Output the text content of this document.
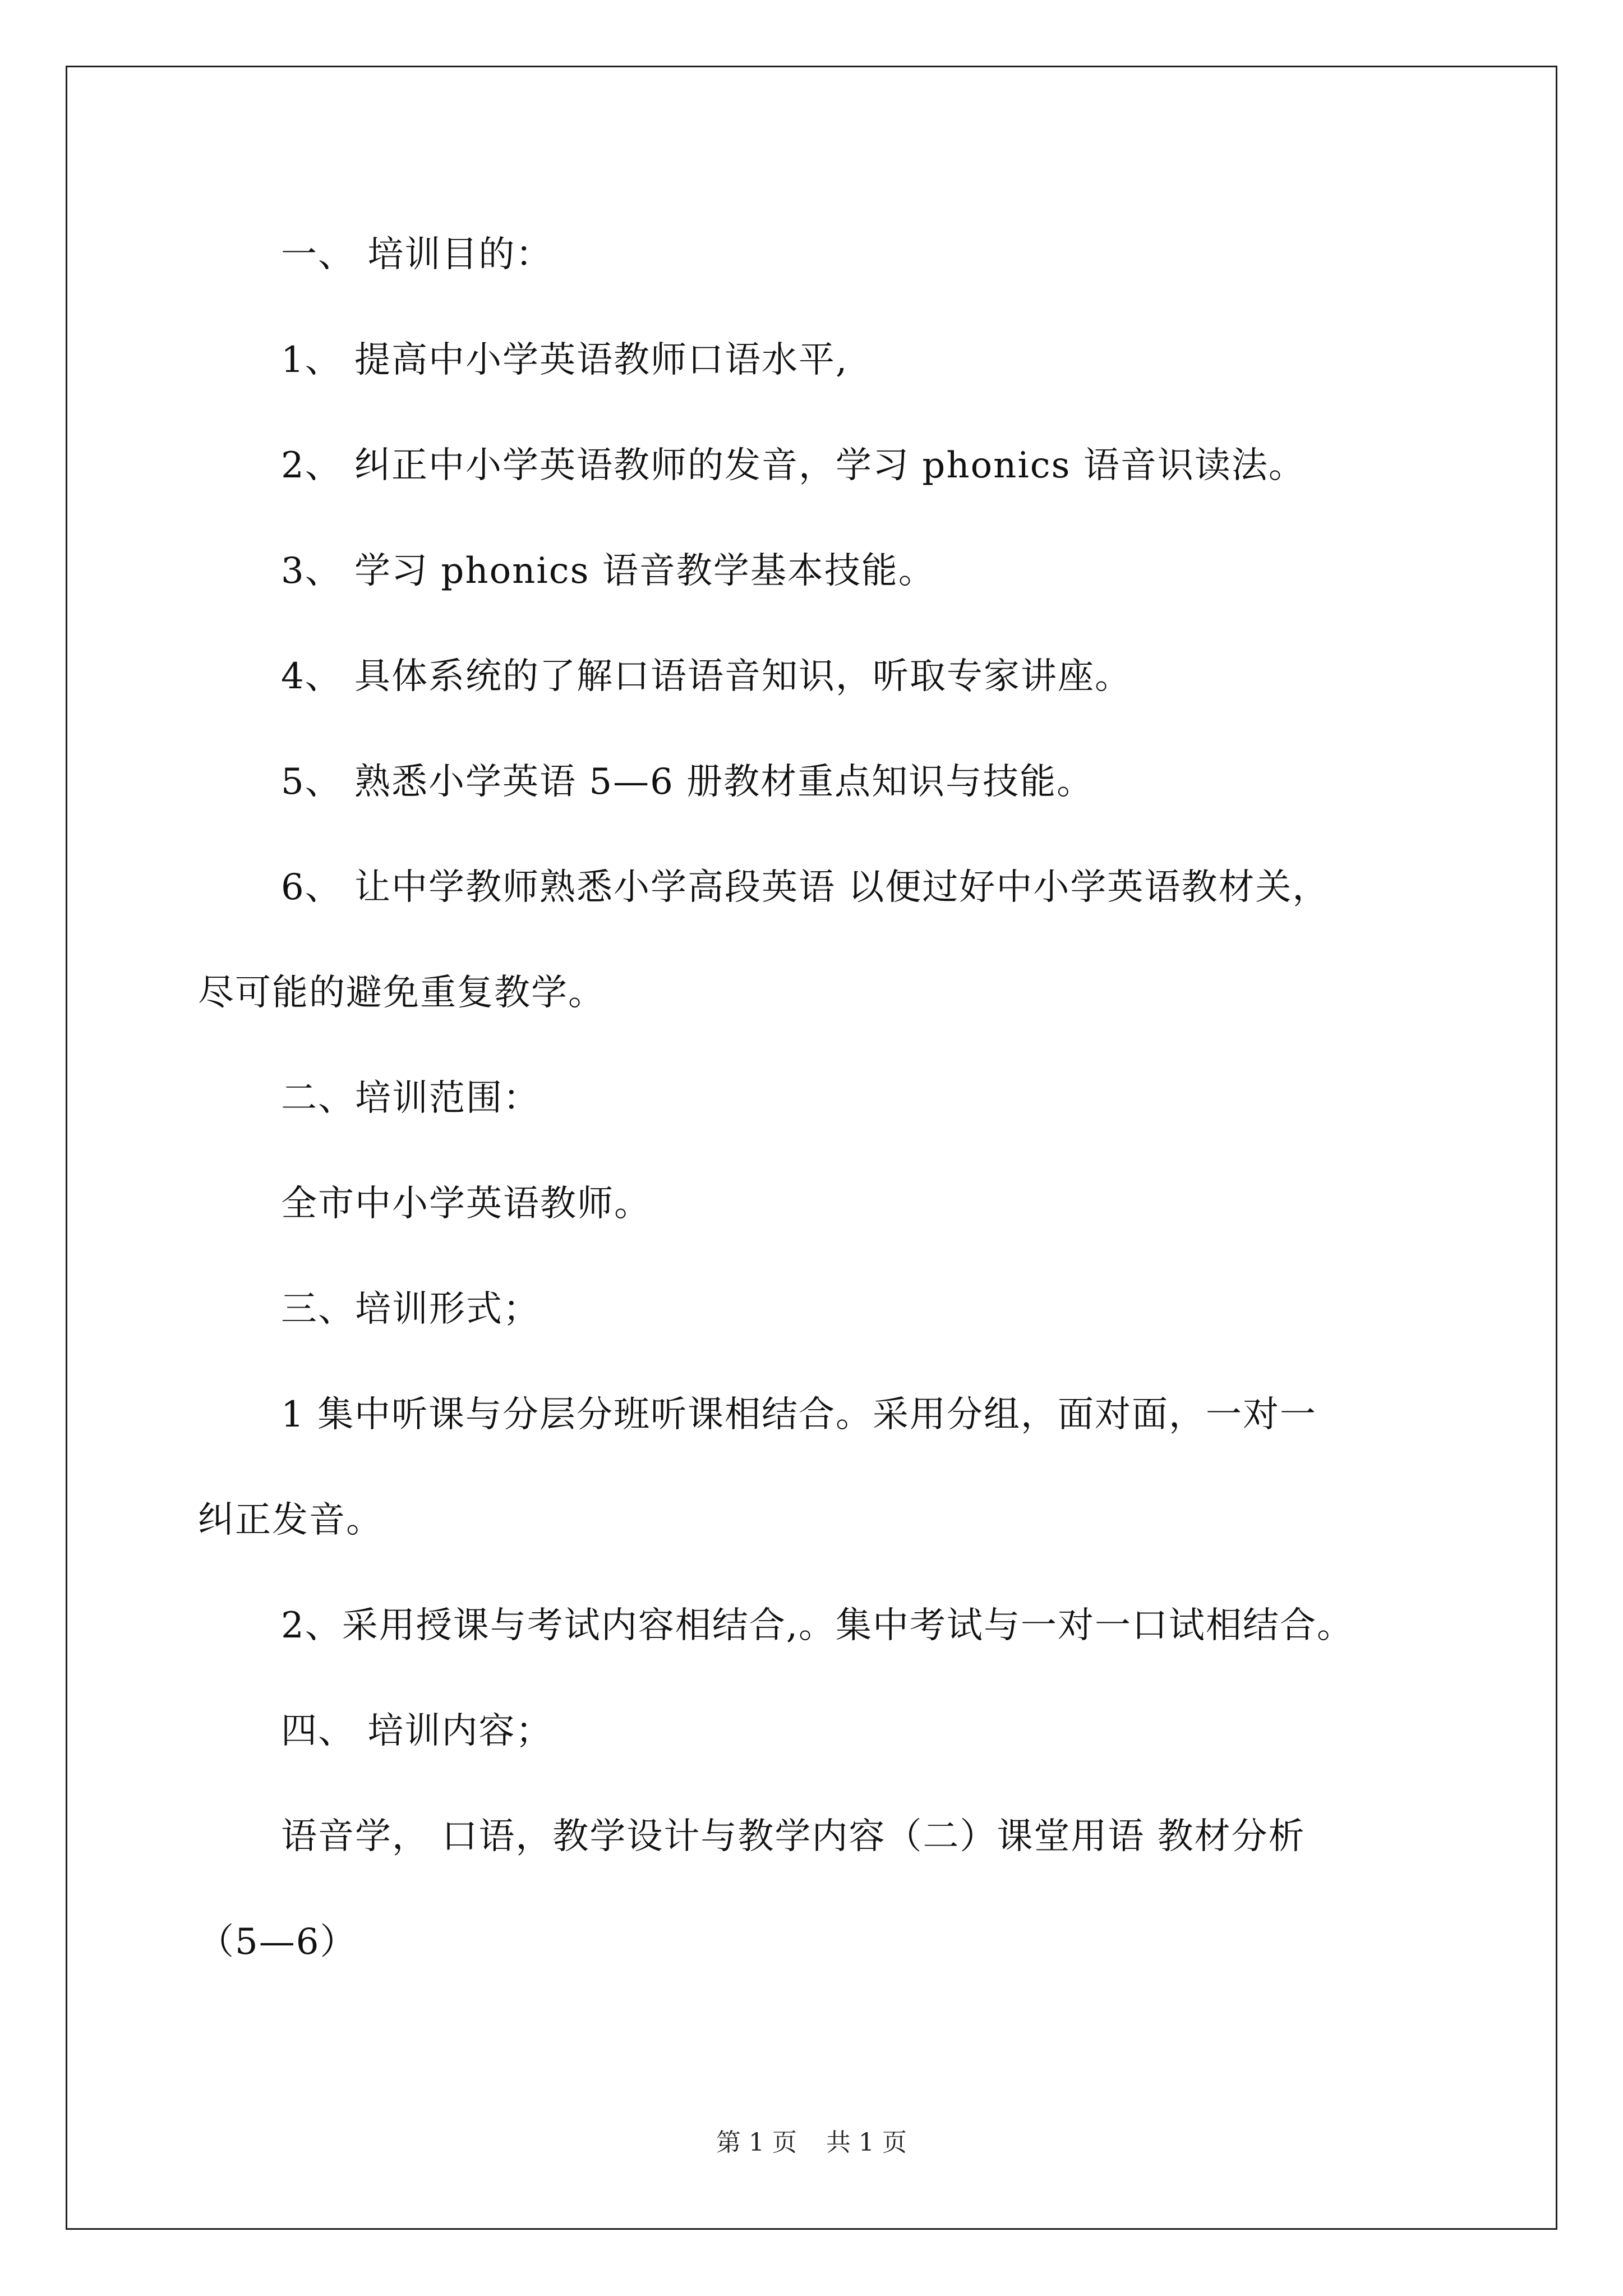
一、 培训目的：
1、 提高中小学英语教师口语水平,
2、 纠正中小学英语教师的发音，学习 phonics 语音识读法。
3、 学习 phonics 语音教学基本技能。
4、 具体系统的了解口语语音知识，听取专家讲座。
5、 熟悉小学英语 5—6 册教材重点知识与技能。
6、 让中学教师熟悉小学高段英语 以便过好中小学英语教材关，
尽可能的避免重复教学。
二、培训范围：
全市中小学英语教师。
三、培训形式；
1 集中听课与分层分班听课相结合。采用分组，面对面，一对一
纠正发音。
2、采用授课与考试内容相结合,。集中考试与一对一口试相结合。
四、 培训内容；
语音学， 口语，教学设计与教学内容（二）课堂用语 教材分析
（5—6）
第 1 页 共 1 页
